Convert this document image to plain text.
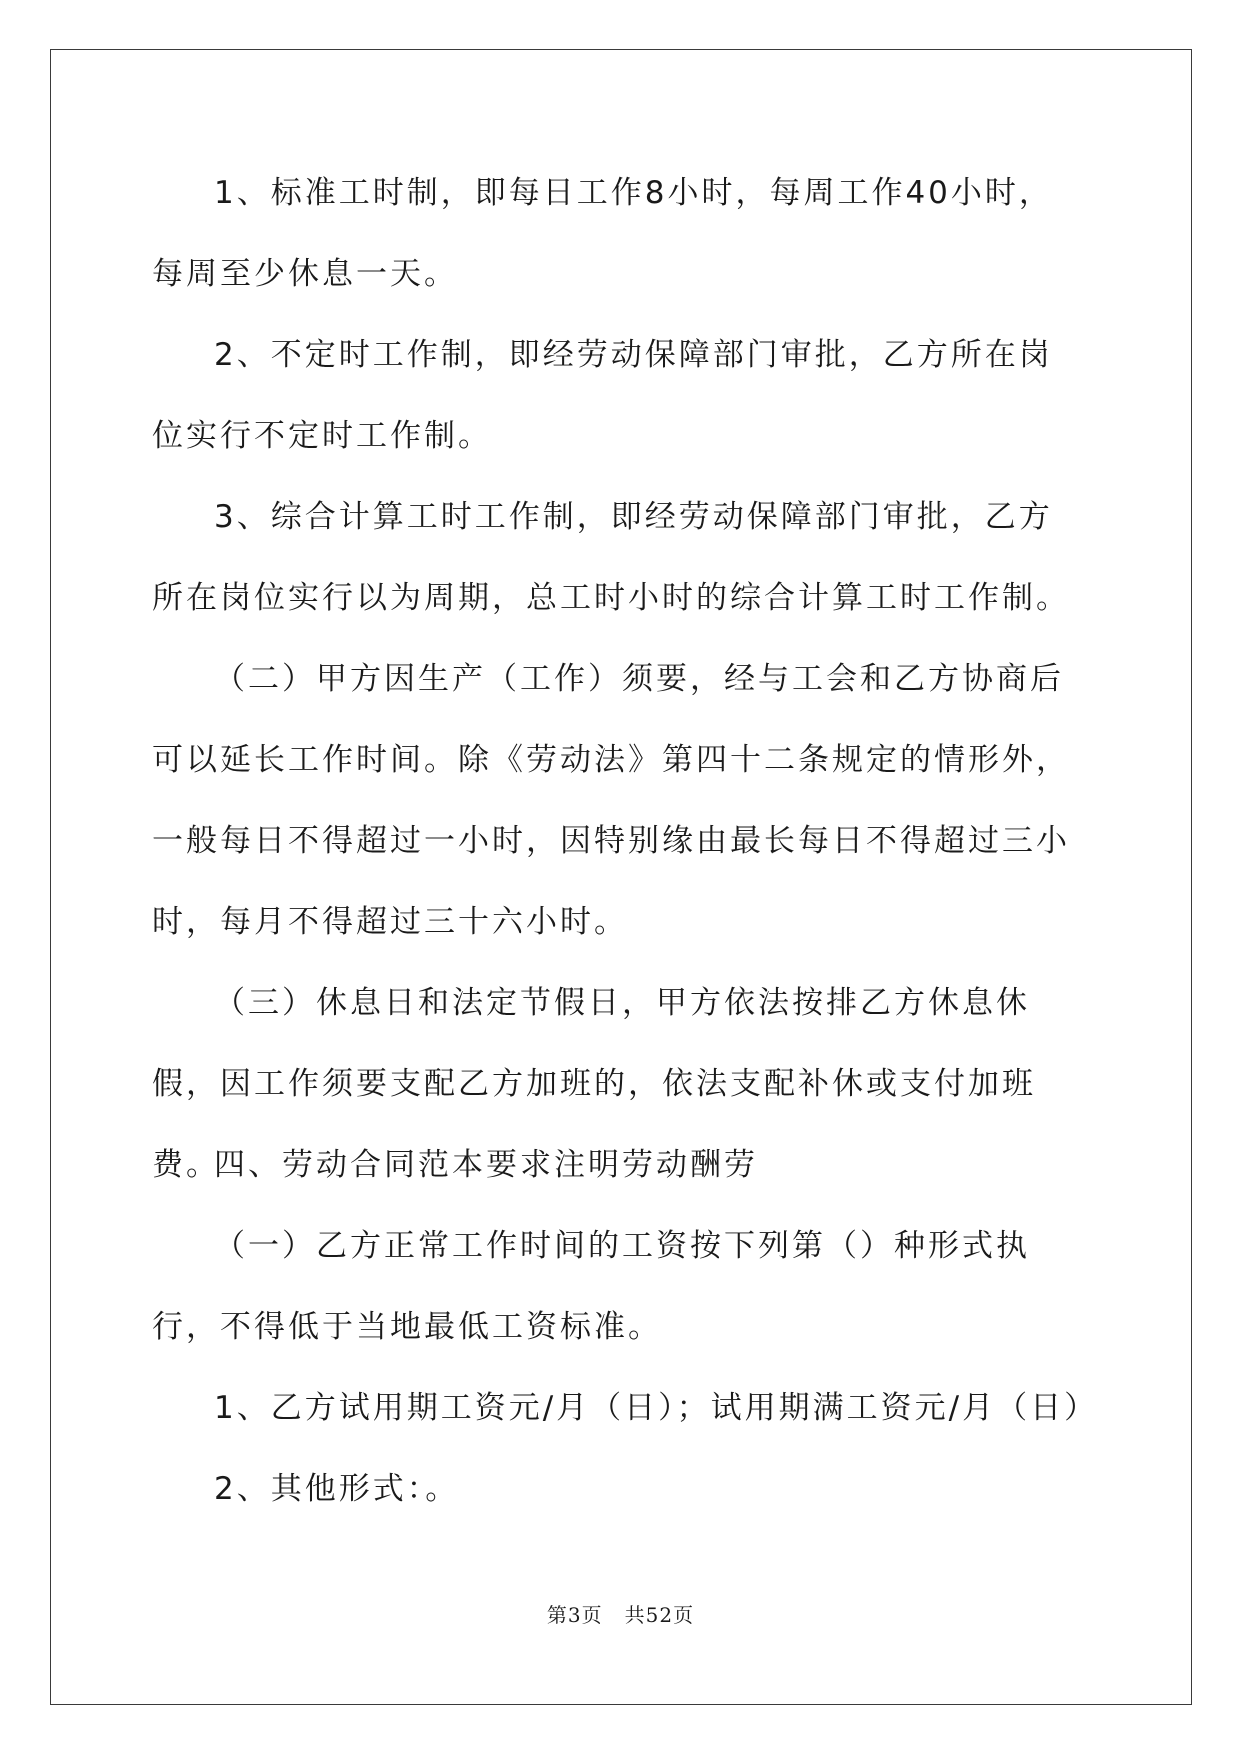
1、标准工时制，即每日工作8小时，每周工作40小时，每周至少休息一天。

2、不定时工作制，即经劳动保障部门审批，乙方所在岗位实行不定时工作制。

3、综合计算工时工作制，即经劳动保障部门审批，乙方所在岗位实行以为周期，总工时小时的综合计算工时工作制。

（二）甲方因生产（工作）须要，经与工会和乙方协商后可以延长工作时间。除《劳动法》第四十二条规定的情形外，一般每日不得超过一小时，因特别缘由最长每日不得超过三小时，每月不得超过三十六小时。

（三）休息日和法定节假日，甲方依法按排乙方休息休假，因工作须要支配乙方加班的，依法支配补休或支付加班费。

四、劳动合同范本要求注明劳动酬劳

（一）乙方正常工作时间的工资按下列第（）种形式执行，不得低于当地最低工资标准。

1、乙方试用期工资元/月（日）；试用期满工资元/月（日）

2、其他形式：。

第3页 共52页
